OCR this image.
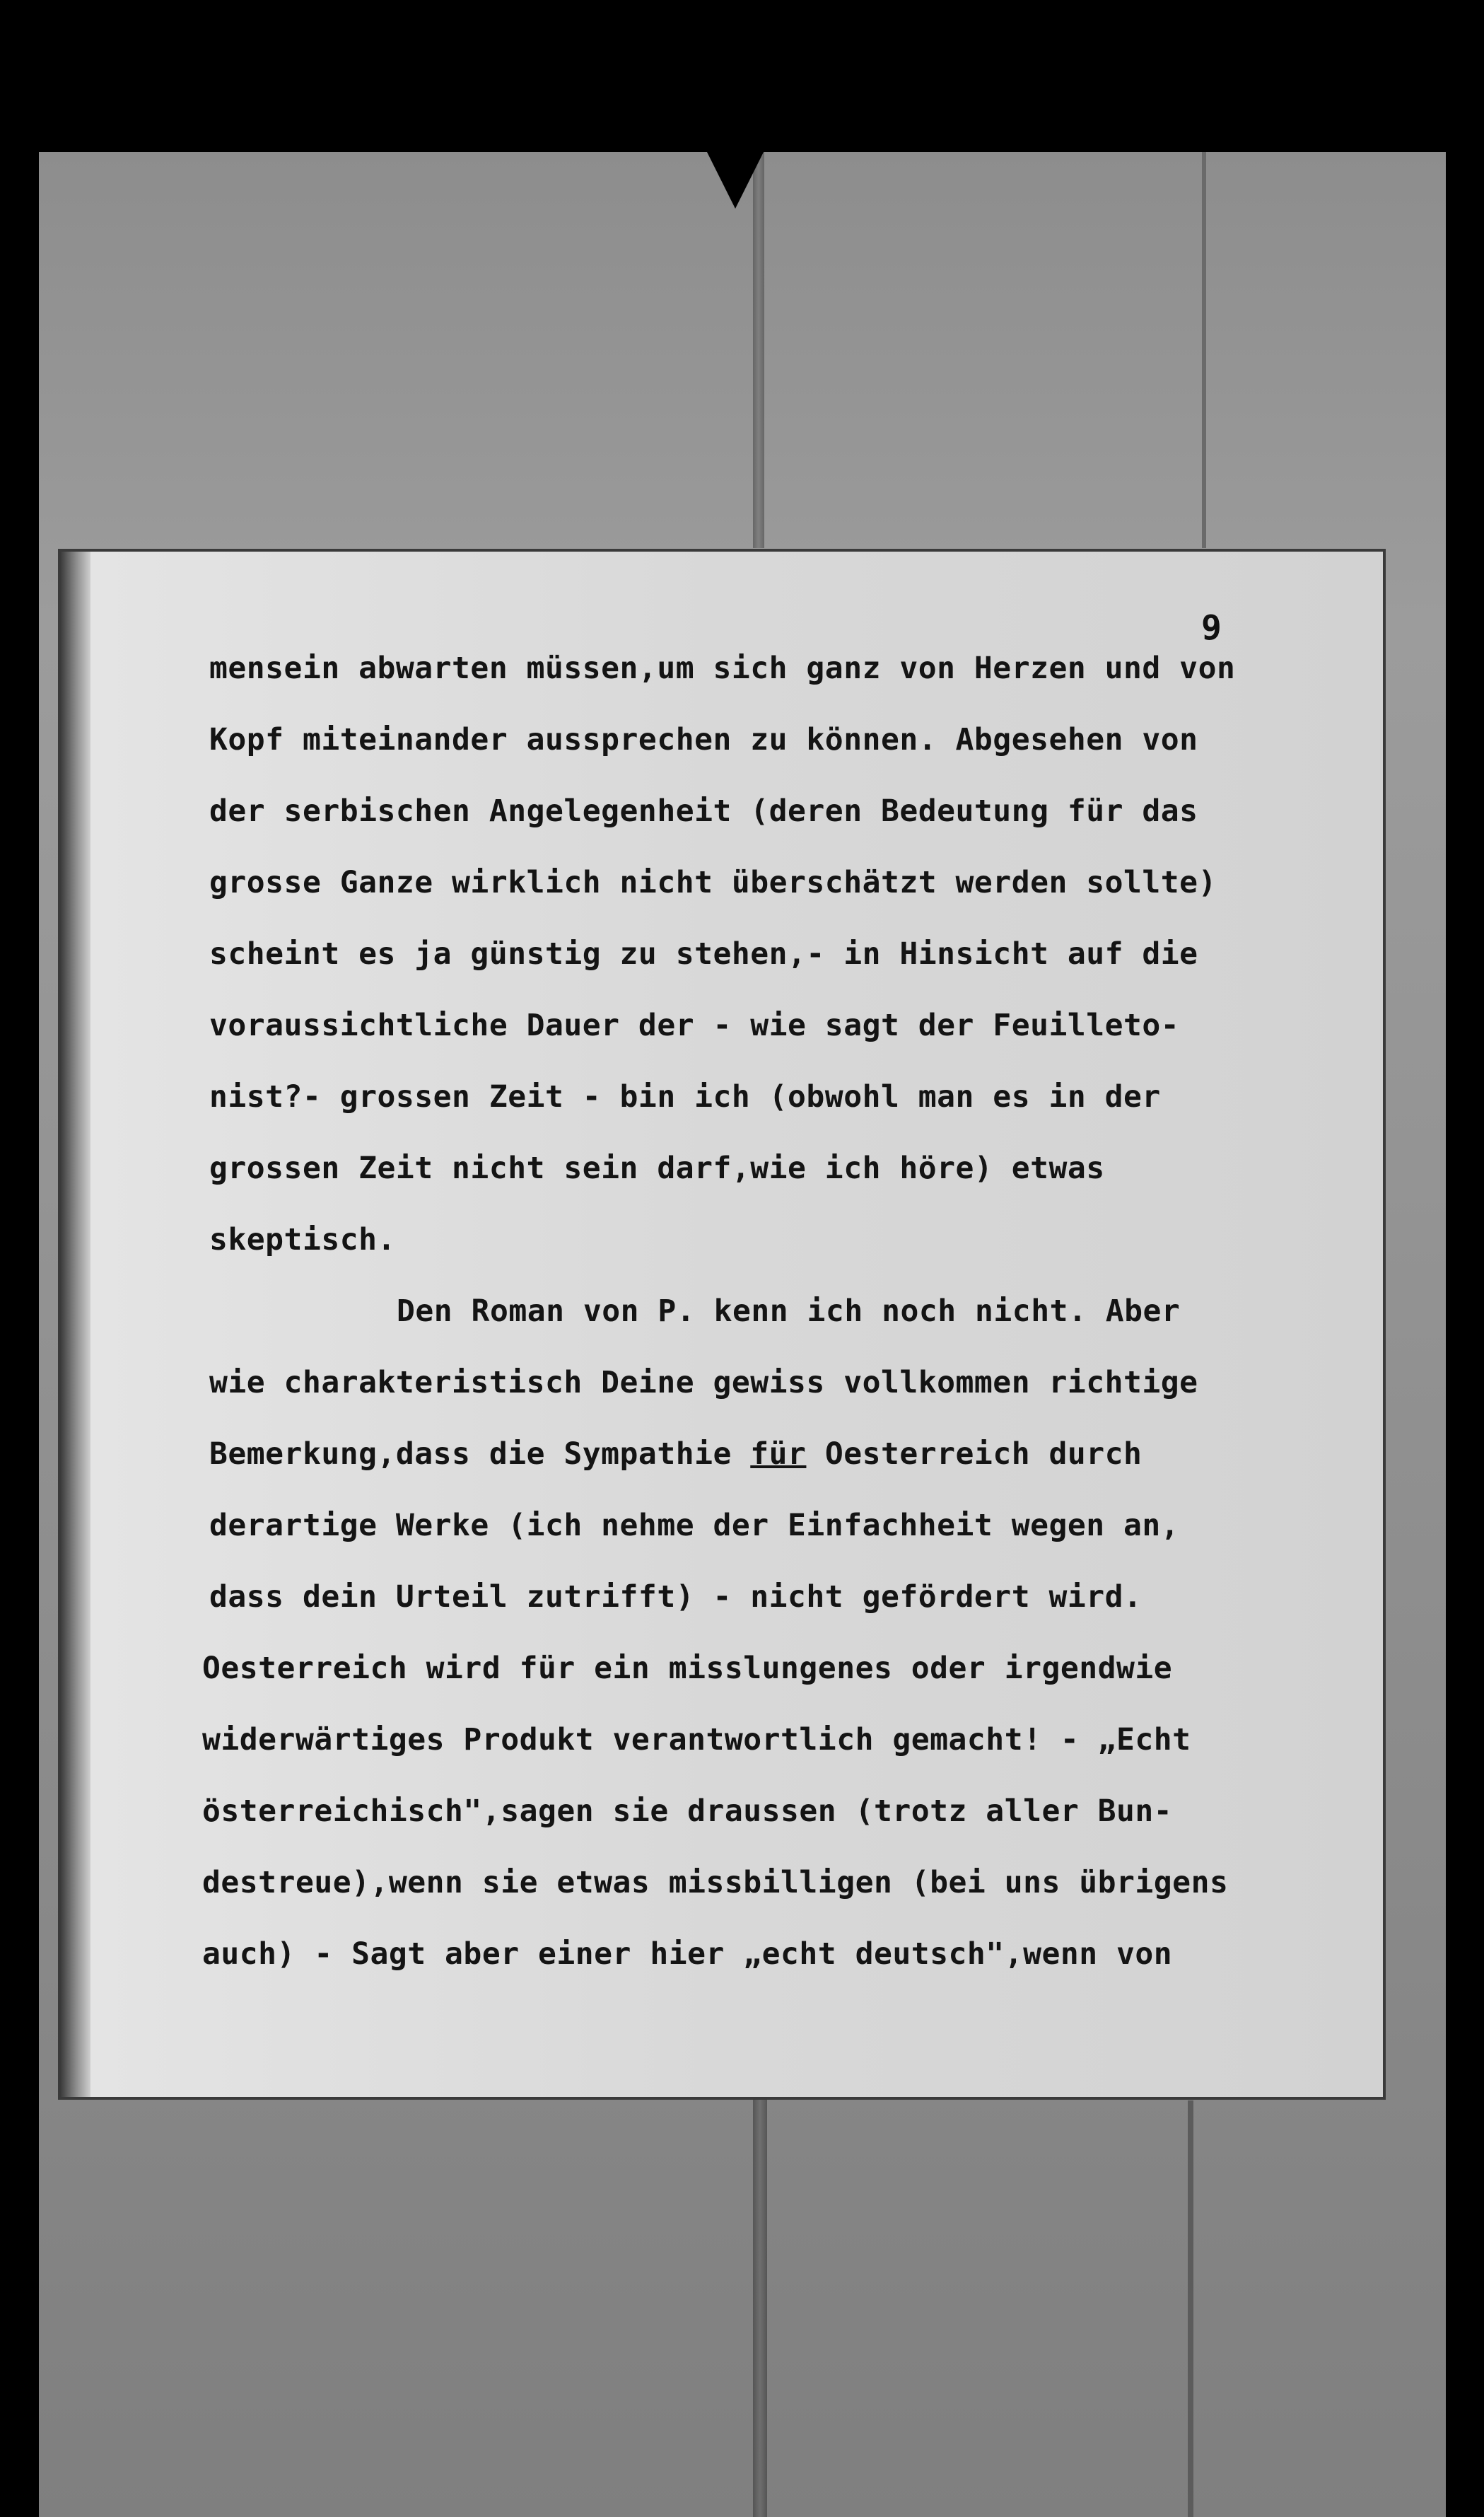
9
mensein abwarten müssen,um sich ganz von Herzen und von
Kopf miteinander aussprechen zu können. Abgesehen von
der serbischen Angelegenheit (deren Bedeutung für das
grosse Ganze wirklich nicht überschätzt werden sollte)
scheint es ja günstig zu stehen,- in Hinsicht auf die
voraussichtliche Dauer der - wie sagt der Feuilleto-
nist?- grossen Zeit - bin ich (obwohl man es in der
grossen Zeit nicht sein darf,wie ich höre) etwas
skeptisch.
Den Roman von P. kenn ich noch nicht. Aber
wie charakteristisch Deine gewiss vollkommen richtige
Bemerkung,dass die Sympathie für Oesterreich durch
derartige Werke (ich nehme der Einfachheit wegen an,
dass dein Urteil zutrifft) - nicht gefördert wird.
Oesterreich wird für ein misslungenes oder irgendwie
widerwärtiges Produkt verantwortlich gemacht! - „Echt
österreichisch",sagen sie draussen (trotz aller Bun-
destreue),wenn sie etwas missbilligen (bei uns übrigens
auch) - Sagt aber einer hier „echt deutsch",wenn von
